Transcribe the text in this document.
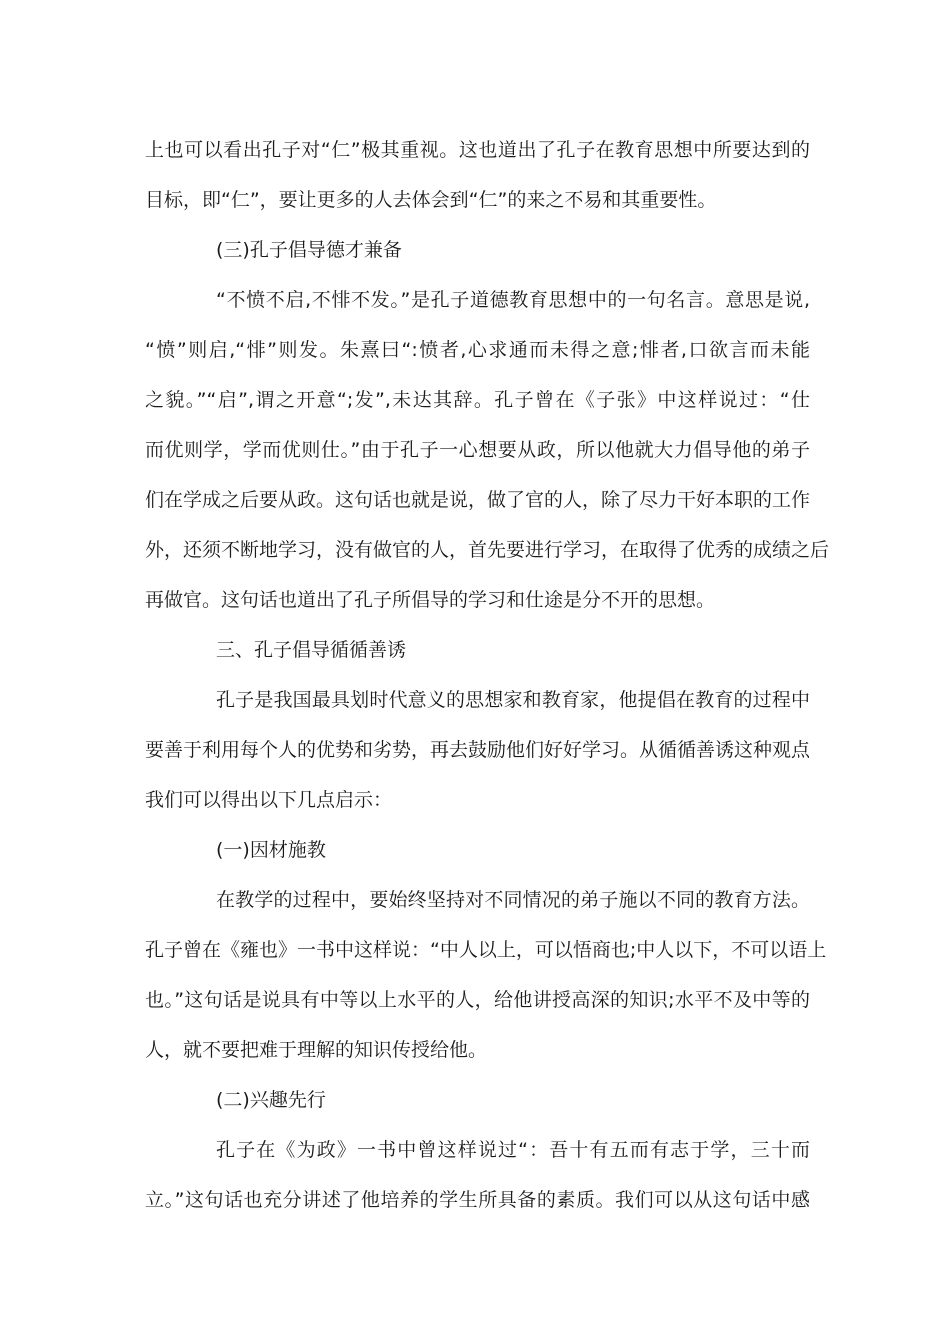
上也可以看出孔子对“仁”极其重视。这也道出了孔子在教育思想中所要达到的
目标，即“仁”，要让更多的人去体会到“仁”的来之不易和其重要性。
(三)孔子倡导德才兼备
“不愤不启,不悱不发。”是孔子道德教育思想中的一句名言。意思是说,
“愤”则启,“悱”则发。朱熹曰“:愤者,心求通而未得之意;悱者,口欲言而未能
之貌。”“启”,谓之开意“;发”,未达其辞。孔子曾在《子张》中这样说过：“仕
而优则学，学而优则仕。”由于孔子一心想要从政，所以他就大力倡导他的弟子
们在学成之后要从政。这句话也就是说，做了官的人，除了尽力干好本职的工作
外，还须不断地学习，没有做官的人，首先要进行学习，在取得了优秀的成绩之后
再做官。这句话也道出了孔子所倡导的学习和仕途是分不开的思想。
三、孔子倡导循循善诱
孔子是我国最具划时代意义的思想家和教育家，他提倡在教育的过程中
要善于利用每个人的优势和劣势，再去鼓励他们好好学习。从循循善诱这种观点
我们可以得出以下几点启示：
(一)因材施教
在教学的过程中，要始终坚持对不同情况的弟子施以不同的教育方法。
孔子曾在《雍也》一书中这样说：“中人以上，可以悟商也;中人以下，不可以语上
也。”这句话是说具有中等以上水平的人，给他讲授高深的知识;水平不及中等的
人，就不要把难于理解的知识传授给他。
(二)兴趣先行
孔子在《为政》一书中曾这样说过“：吾十有五而有志于学，三十而
立。”这句话也充分讲述了他培养的学生所具备的素质。我们可以从这句话中感
